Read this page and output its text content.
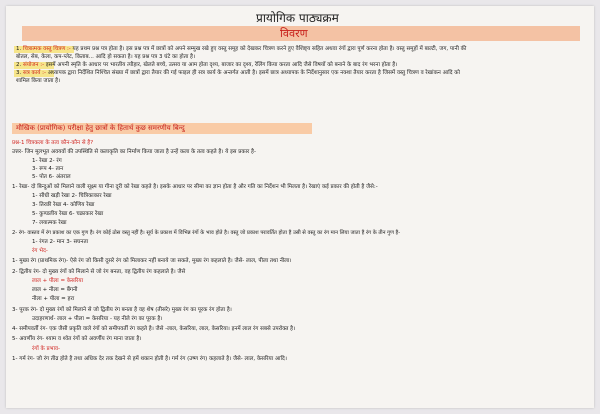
प्रायोगिक पाठ्यक्रम
विवरण
1. चित्रात्मक वस्तु चित्रण :- यह प्रथम प्रश्न पत्र होता है। इस प्रश्न पत्र में छात्रों को अपने सम्मुख रखे हुए वस्तु समूह को देखकर चित्रण करने हुए वैशिष्ट्य सहित अथवा रंगों द्वारा पूर्ण करना होता है। वस्तु समूहों में बाल्टी, जग, पानी की
बोतल, सेब, केला, कप-प्लेट, किताब... आदि हो सकता है। यह प्रश्न पत्र 3 घंटे का होता है।
2. संयोजन :- इसमें अपनी स्मृति के आधार पर भारतीय त्यौहार, खेलते बच्चे, उत्सव या आम होता दृश्य, बाजार का दृश्य, रेलिंग किया करता आदि जैसे विषयों को बनाने के बाद रंग भरना होता है।
3. सत्र कार्य :- अध्यापक द्वारा निर्देशित निश्चित संख्या में छात्रों द्वारा तैयार की गई फाइल ही सत्र कार्य के अन्तर्गत आती है। इसमें छात्र अध्यापक के निर्देशानुसार एक नक्शा तैयार करता है जिसमें वस्तु चित्रण व रेखांकन आदि को
शामिल किया जाता है।
मौखिक (प्रायोगिक) परीक्षा हेतु छात्रों के हितार्थ कुछ समरणीय बिन्दु
प्रश्न-1 चित्रकला के तत्व कौन-कौन से है?
उत्तर- जिन मूलभूत अवयवों की उपस्थिति से कलाकृति का निर्माण किया जाता है उन्हें कला के तत्व कहते है। ये इस प्रकार है-
1- रेखा 2- रंग
3- रूप 4- तान
5- पोत 6- अंतराल
1- रेखा- दो बिन्दुओं को मिलाने वाली सूक्ष्म या गीना दूरी को रेखा कहते है। इसके आधार पर सीमा का ज्ञान होता है और गति का निर्देशन भी मिलता है। रेखाएं कई प्रकार की होती है जैसे:-
1- सीधी खड़ी रेखा 2- चित्रिकाकार रेखा
3- तिरछी रेखा 4- कोणिय रेखा
5- कुण्डलीय रेखा 6- चक्राकार रेखा
7- लयात्मक रेखा
2- रंग- वास्तव में रंग प्रकाश का एक गुण है। रंग कोई ठोस वस्तु नहीं है। सूर्य के प्रकाश में विभिन्न रंगों के भाव होते है। वस्तु जो प्रकाश परावर्तित होता है उसी से वस्तु का रंग मान लिया जाता है रंग के तीन गुण है-
1- रंगत 2- मान 3- सघनता
रंग भेद-
1- मुख्य रंग (प्राथमिक रंग)- ऐसे रंग जो किसी दूसरे रंग को मिलाकर नहीं बनाये जा सकते, मुख्य रंग कहलाते है। जैसे- लाल, पीला तथा नीला।
2- द्वितीय रंग- दो मुख्य रंगों को मिलाने से जो रंग बनता, वह द्वितीय रंग कहलाते है। जैसे
लाल + पीला = केसरिया
लाल + नीला = बैंगनी
नीला + पीला = हरा
3- पूरक रंग- दो मुख्य रंगों को मिलाने से जो द्वितीय रंग बनता है वह शेष (तीसरे) मुख्य रंग का पूरक रंग होता है।
उदाहरणार्थ- लाल + पीला = केसरिया - यह नीले रंग का पूरक है।
4- समीपवर्ती रंग- एक जैसी प्रकृति वाले रंगों को समीपवर्ती रंग कहते है। जैसे -लाल, केसरिया, लाल, केसरिया। इनमें लाल रंग सबसे उपरोक्त है।
5- अवर्णीय रंग- श्याम व श्वेत रंगों को अवर्णीय रंग माना जाता है।
रंगों के प्रभाव-
1- गर्म रंग- जो रंग तीव्र होते है तथा अधिक देर तक देखने से हमें थकान होती है। गर्म रंग (उष्ण रंग) कहलाते है। जैसे- लाल, केसरिया आदि।
